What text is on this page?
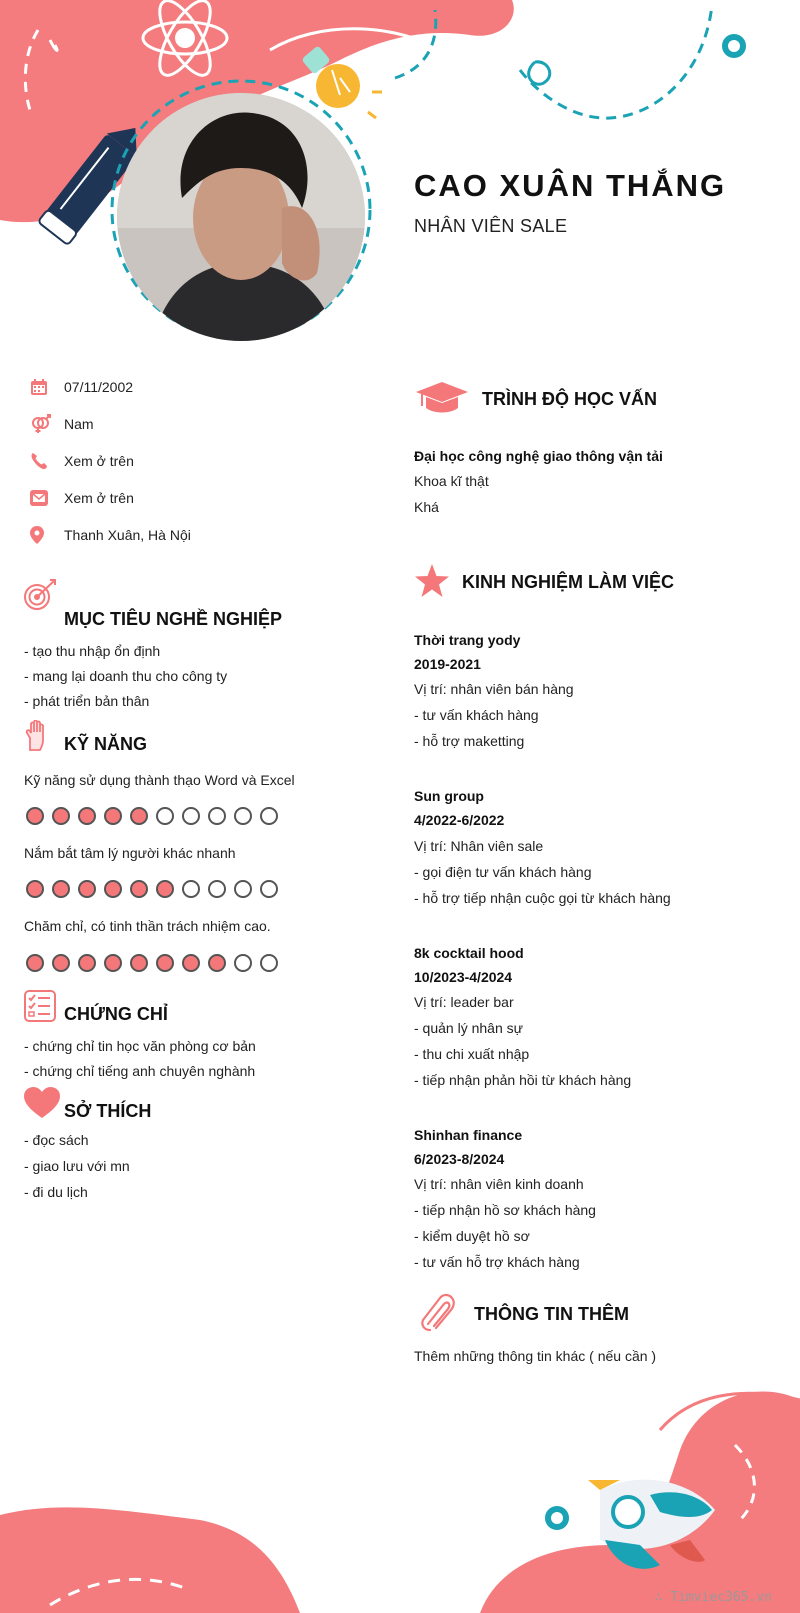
CAO XUÂN THẮNG
NHÂN VIÊN SALE
07/11/2002
Nam
Xem ở trên
Xem ở trên
Thanh Xuân, Hà Nội
MỤC TIÊU NGHỀ NGHIỆP
- tạo thu nhập ổn định
- mang lại doanh thu cho công ty
- phát triển bản thân
KỸ NĂNG
Kỹ năng sử dụng thành thạo Word và Excel
Nắm bắt tâm lý người khác nhanh
Chăm chỉ, có tinh thần trách nhiệm cao.
CHỨNG CHỈ
- chứng chỉ tin học văn phòng cơ bản
- chứng chỉ tiếng anh chuyên nghành
SỞ THÍCH
- đọc sách
- giao lưu với mn
- đi du lịch
TRÌNH ĐỘ HỌC VẤN
Đại học công nghệ giao thông vận tải
Khoa kĩ thật
Khá
KINH NGHIỆM LÀM VIỆC
Thời trang yody
2019-2021
Vị trí: nhân viên bán hàng
- tư vấn khách hàng
- hỗ trợ maketting
Sun group
4/2022-6/2022
Vị trí: Nhân viên sale
- gọi điện tư vấn khách hàng
- hỗ trợ tiếp nhận cuộc gọi từ khách hàng
8k cocktail hood
10/2023-4/2024
Vị trí: leader bar
- quản lý nhân sự
- thu chi xuất nhập
- tiếp nhận phản hồi từ khách hàng
Shinhan finance
6/2023-8/2024
Vị trí: nhân viên kinh doanh
- tiếp nhận hồ sơ khách hàng
- kiểm duyệt hồ sơ
- tư vấn hỗ trợ khách hàng
THÔNG TIN THÊM
Thêm những thông tin khác ( nếu cần )
∴ Timviec365.vn
